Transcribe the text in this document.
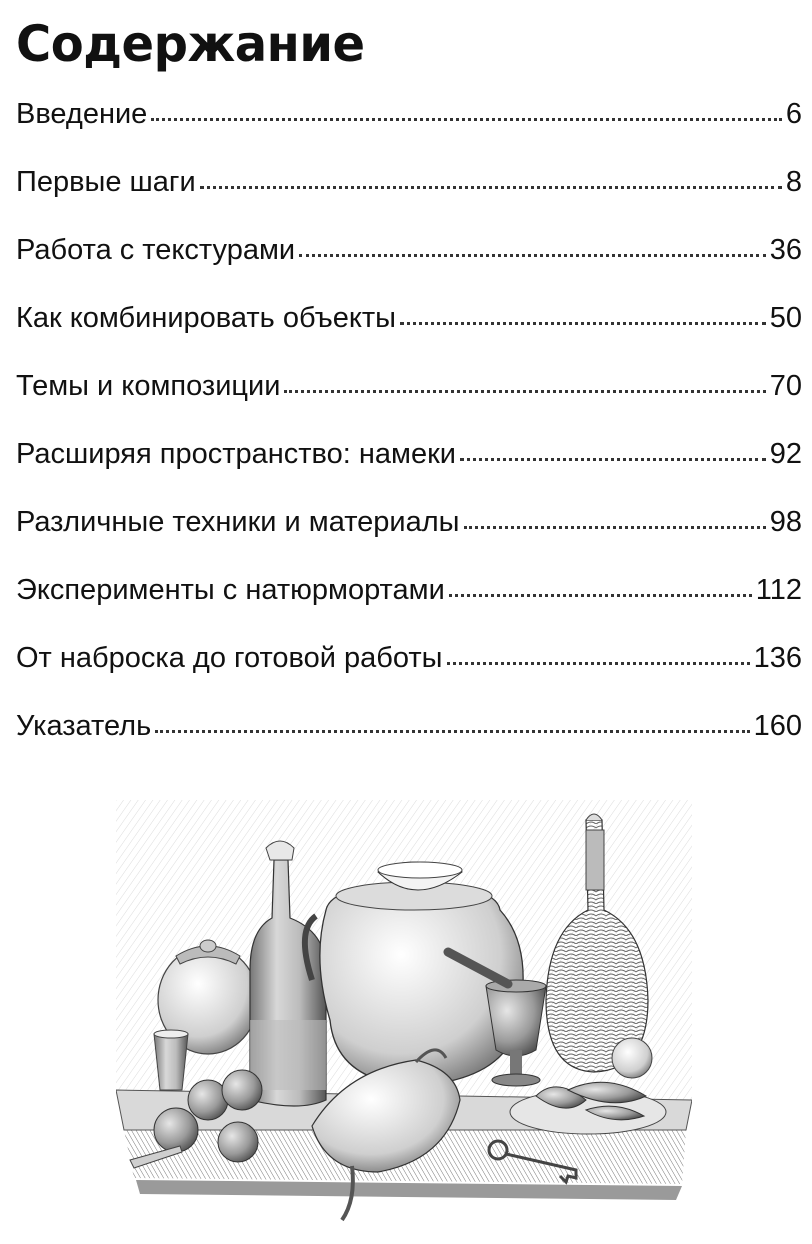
Содержание
Введение	6
Первые шаги	8
Работа с текстурами	36
Как комбинировать объекты	50
Темы и композиции	70
Расширяя пространство: намеки	92
Различные техники и материалы	98
Эксперименты с натюрмортами	112
От наброска до готовой работы	136
Указатель	160
